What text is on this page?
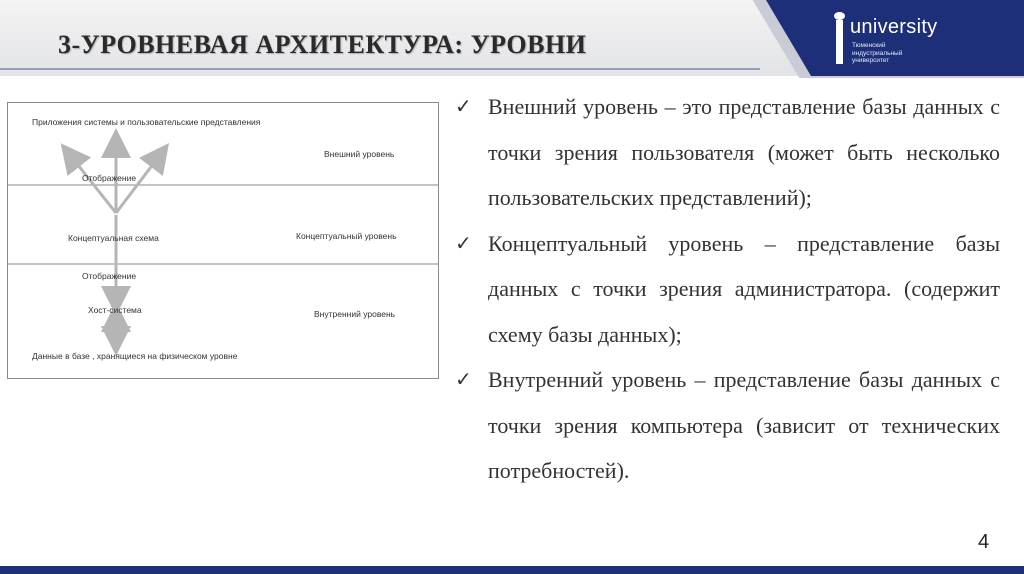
university
Тюменский
индустриальный
университет
3-УРОВНЕВАЯ АРХИТЕКТУРА: УРОВНИ
Приложения системы и пользовательские представления
Внешний уровень
Отображение
Концептуальная схема	Концептуальный уровень
Отображение
Хост-система	Внутренний уровень
Данные в базе , хранящиеся на физическом уровне
✓ Внешний уровень – это представление базы данных с точки зрения пользователя (может быть несколько пользовательских представлений);
✓ Концептуальный уровень – представление базы данных с точки зрения администратора. (содержит схему базы данных);
✓ Внутренний уровень – представление базы данных с точки зрения компьютера (зависит от технических потребностей).
4
